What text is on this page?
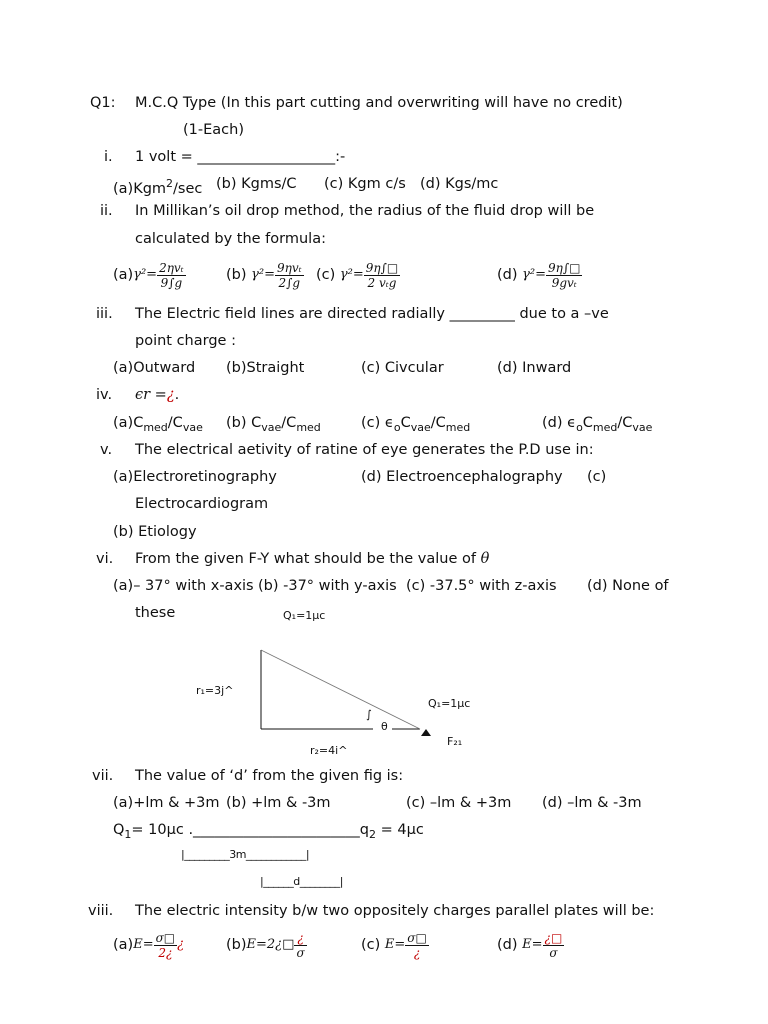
Q1: M.C.Q Type (In this part cutting and overwriting will have no credit)
(1-Each)
i. 1 volt = ___________________:-
(a)Kgm$^2$/sec (b) Kgms/C (c) Kgm c/s (d) Kgs/mc
ii. In Millikan’s oil drop method, the radius of the fluid drop will be
calculated by the formula:
$(a)\gamma^2= \frac{\text{2ηvₜ}}{9\int g}$	(b) $\gamma^2= \frac{\text{9ηvₜ}}{2\int g} (c)$ $\gamma^2= \frac{9\eta\int□}{\text{2 vₜg}}$	(d) $\gamma^2= \frac{9\eta\int□}{\text{9gvₜ}}$
iii. The Electric field lines are directed radially _________ due to a –ve
point charge :
(a)Outward (b)Straight	(c) Civcular	(d) Inward
iv. ϵr =¿.
$(a)C_{med}/C_{vae}$ (b) $C_{vae}/C_{med}$	(c) $\epsilon_oC_{vae}/C_{med}$	(d) $\epsilon_oC_{med}/C_{vae}$
v. The electrical aetivity of ratine of eye generates the P.D use in:
(a)Electroretinography	(d) Electroencephalography (c)
Electrocardiogram
(b) Etiology
vi. From the given F-Y what should be the value of θ
(a)– 37° with x-axis (b) -37° with y-axis (c) -37.5° with z-axis (d) None of
these	Q₁=1μc
r₁=3j^
Q₁=1μc
F₂₁
r₂=4i^
∫
θ
vii. The value of ‘d’ from the given fig is:
(a)+lm & +3m (b) +lm & -3m	(c) –lm & +3m (d) –lm & -3m
$Q_1= 10\mu c$ $.\_\_\_\_\_\_\_\_\_\_\_\_\_\_\_\_\_\_\_\_\_\_\_q_2 = 4\mu c$
|_________3m____________|
|______d________|
viii. The electric intensity b/w two oppositely charges parallel plates will be:
$(a)E= \frac{\sigma□}{2¿}$ ¿	(b)E=2¿□ $\frac{¿}{\sigma}$	(c) $E= \frac{\sigma□}{¿}$	(d) $E= \frac{¿□}{\sigma}$
